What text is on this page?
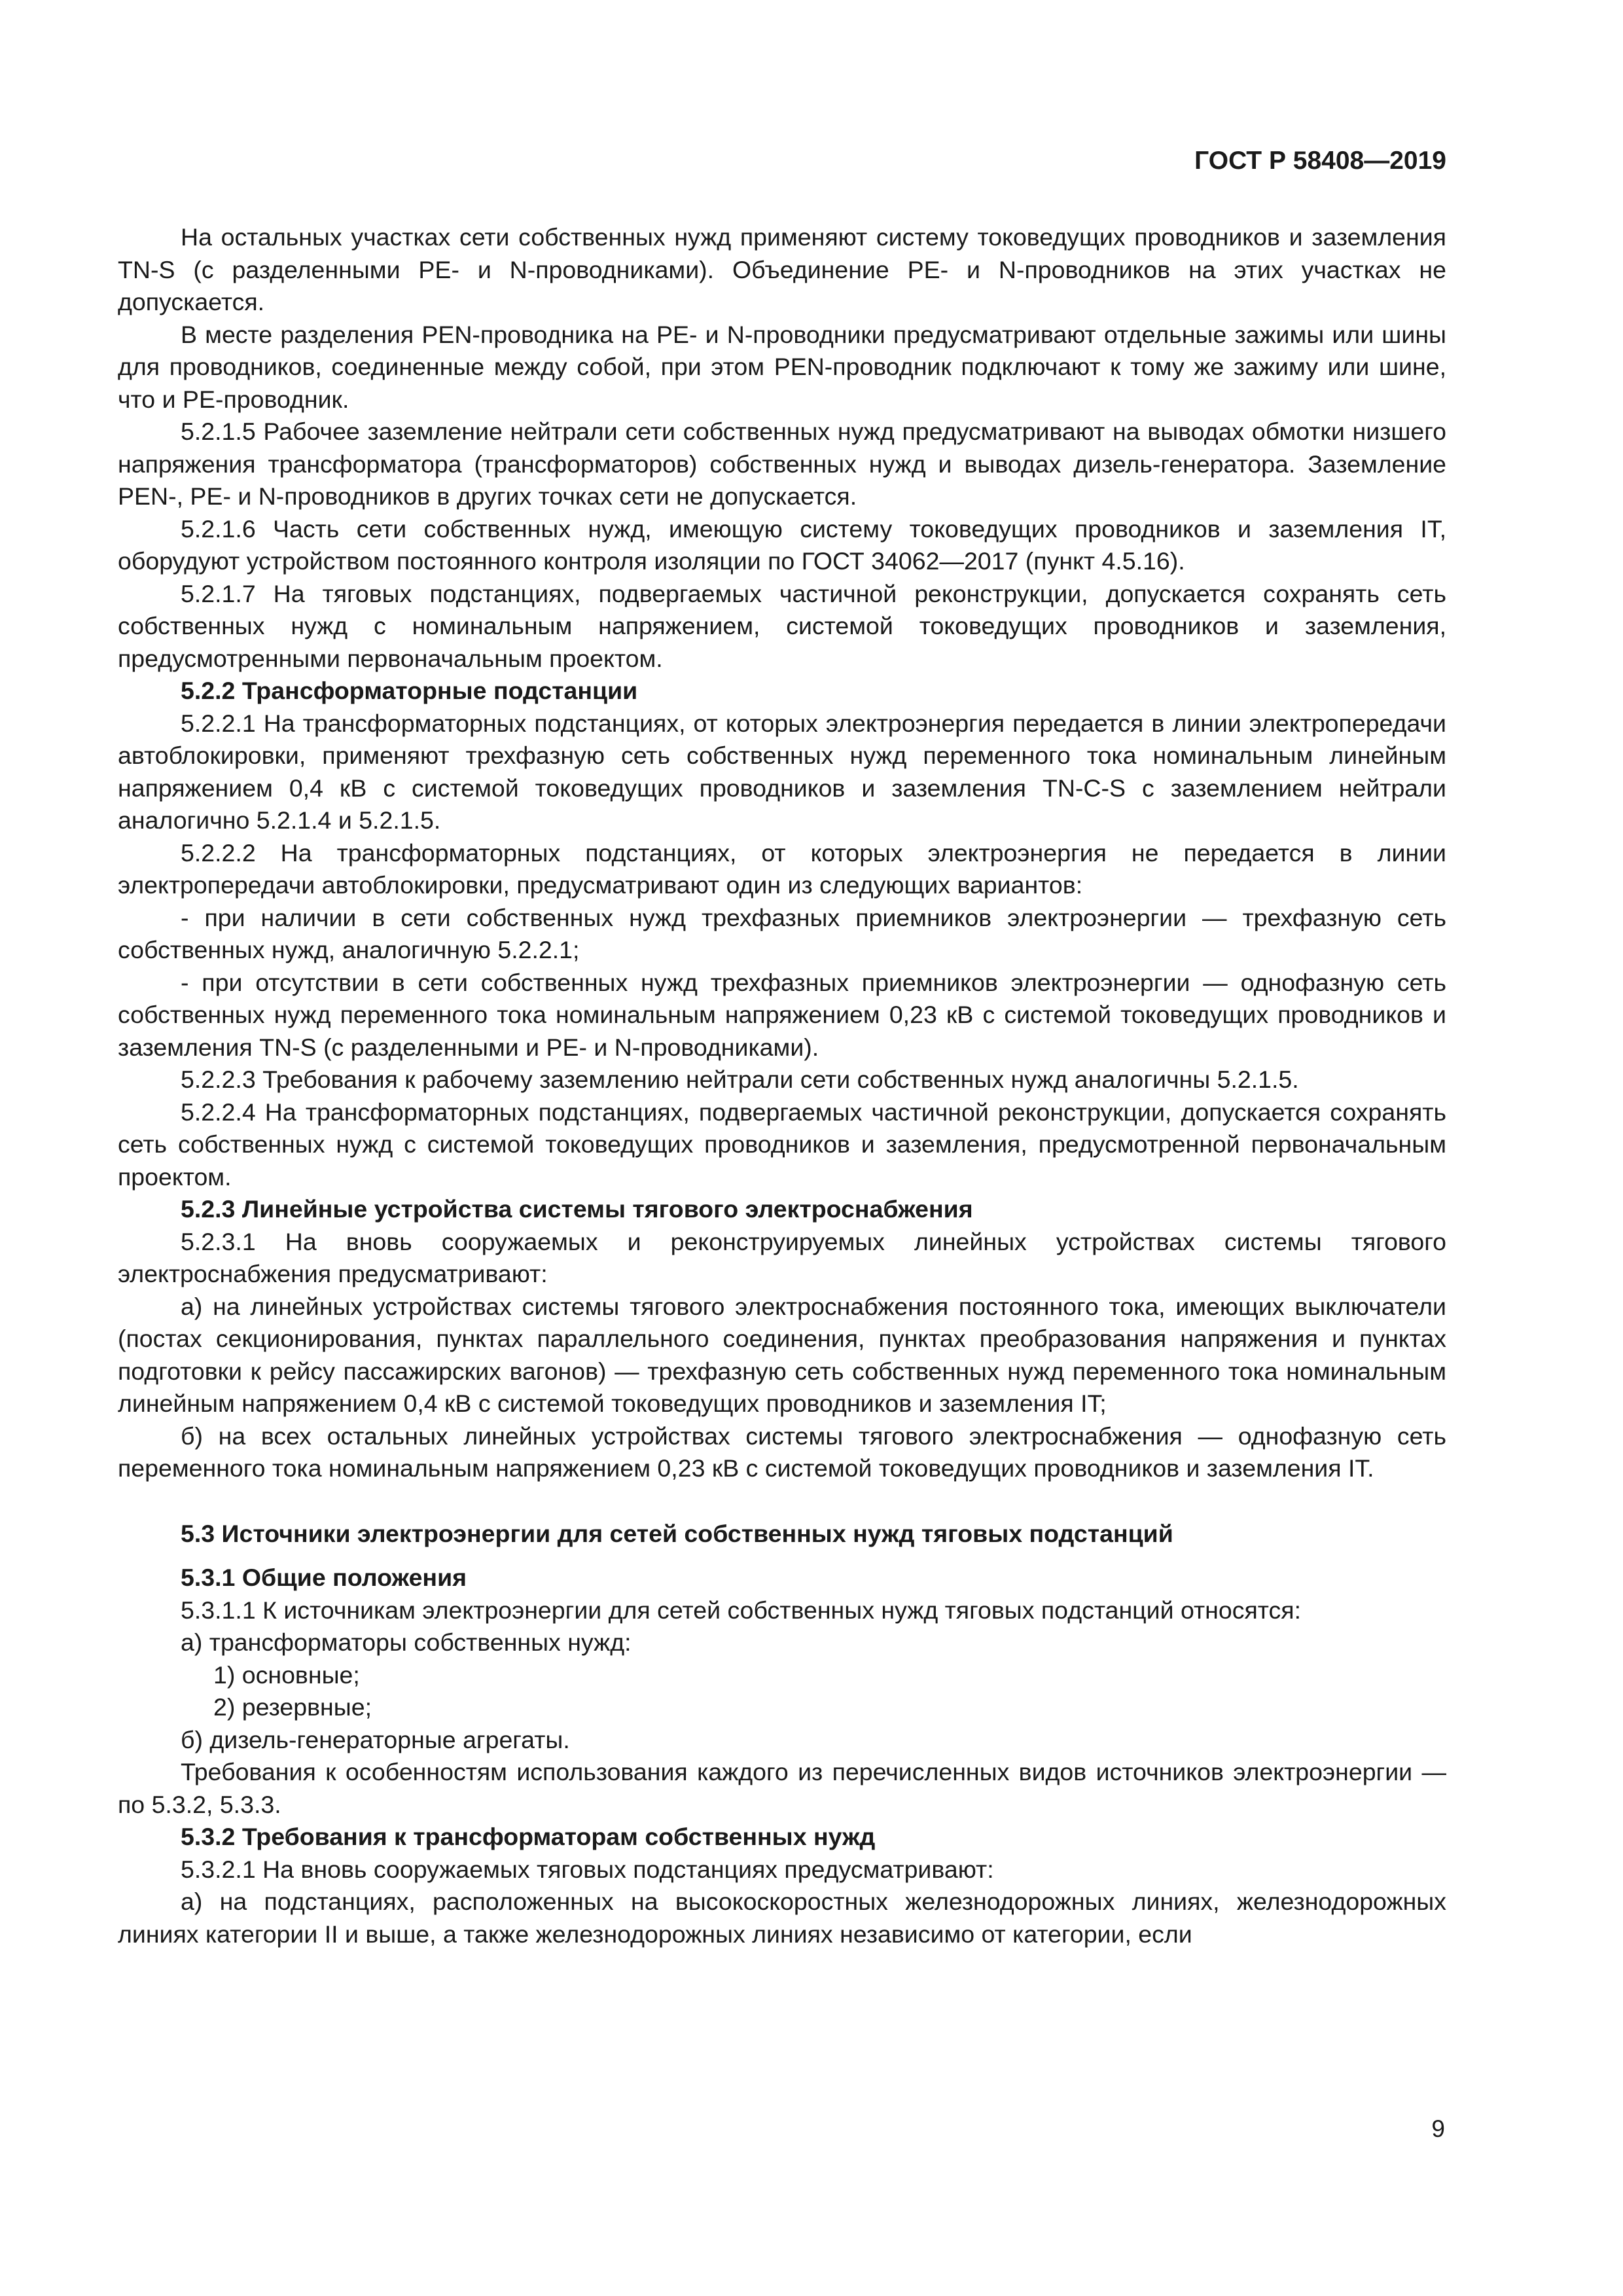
ГОСТ Р 58408—2019

На остальных участках сети собственных нужд применяют систему токоведущих проводников и заземления TN-S (с разделенными PE- и N-проводниками). Объединение PE- и N-проводников на этих участках не допускается.

В месте разделения PEN-проводника на PE- и N-проводники предусматривают отдельные зажимы или шины для проводников, соединенные между собой, при этом PEN-проводник подключают к тому же зажиму или шине, что и PE-проводник.

5.2.1.5 Рабочее заземление нейтрали сети собственных нужд предусматривают на выводах обмотки низшего напряжения трансформатора (трансформаторов) собственных нужд и выводах дизель-генератора. Заземление PEN-, PE- и N-проводников в других точках сети не допускается.

5.2.1.6 Часть сети собственных нужд, имеющую систему токоведущих проводников и заземления IT, оборудуют устройством постоянного контроля изоляции по ГОСТ 34062—2017 (пункт 4.5.16).

5.2.1.7 На тяговых подстанциях, подвергаемых частичной реконструкции, допускается сохранять сеть собственных нужд с номинальным напряжением, системой токоведущих проводников и заземления, предусмотренными первоначальным проектом.

5.2.2 Трансформаторные подстанции

5.2.2.1 На трансформаторных подстанциях, от которых электроэнергия передается в линии электропередачи автоблокировки, применяют трехфазную сеть собственных нужд переменного тока номинальным линейным напряжением 0,4 кВ с системой токоведущих проводников и заземления TN-C-S с заземлением нейтрали аналогично 5.2.1.4 и 5.2.1.5.

5.2.2.2 На трансформаторных подстанциях, от которых электроэнергия не передается в линии электропередачи автоблокировки, предусматривают один из следующих вариантов:

- при наличии в сети собственных нужд трехфазных приемников электроэнергии — трехфазную сеть собственных нужд, аналогичную 5.2.2.1;

- при отсутствии в сети собственных нужд трехфазных приемников электроэнергии — однофазную сеть собственных нужд переменного тока номинальным напряжением 0,23 кВ с системой токоведущих проводников и заземления TN-S (с разделенными и PE- и N-проводниками).

5.2.2.3 Требования к рабочему заземлению нейтрали сети собственных нужд аналогичны 5.2.1.5.

5.2.2.4 На трансформаторных подстанциях, подвергаемых частичной реконструкции, допускается сохранять сеть собственных нужд с системой токоведущих проводников и заземления, предусмотренной первоначальным проектом.

5.2.3 Линейные устройства системы тягового электроснабжения

5.2.3.1 На вновь сооружаемых и реконструируемых линейных устройствах системы тягового электроснабжения предусматривают:

а) на линейных устройствах системы тягового электроснабжения постоянного тока, имеющих выключатели (постах секционирования, пунктах параллельного соединения, пунктах преобразования напряжения и пунктах подготовки к рейсу пассажирских вагонов) — трехфазную сеть собственных нужд переменного тока номинальным линейным напряжением 0,4 кВ с системой токоведущих проводников и заземления IT;

б) на всех остальных линейных устройствах системы тягового электроснабжения — однофазную сеть переменного тока номинальным напряжением 0,23 кВ с системой токоведущих проводников и заземления IT.

5.3 Источники электроэнергии для сетей собственных нужд тяговых подстанций

5.3.1 Общие положения

5.3.1.1 К источникам электроэнергии для сетей собственных нужд тяговых подстанций относятся:

а) трансформаторы собственных нужд:

1) основные;

2) резервные;

б) дизель-генераторные агрегаты.

Требования к особенностям использования каждого из перечисленных видов источников электроэнергии — по 5.3.2, 5.3.3.

5.3.2 Требования к трансформаторам собственных нужд

5.3.2.1 На вновь сооружаемых тяговых подстанциях предусматривают:

а) на подстанциях, расположенных на высокоскоростных железнодорожных линиях, железнодорожных линиях категории II и выше, а также железнодорожных линиях независимо от категории, если

9
